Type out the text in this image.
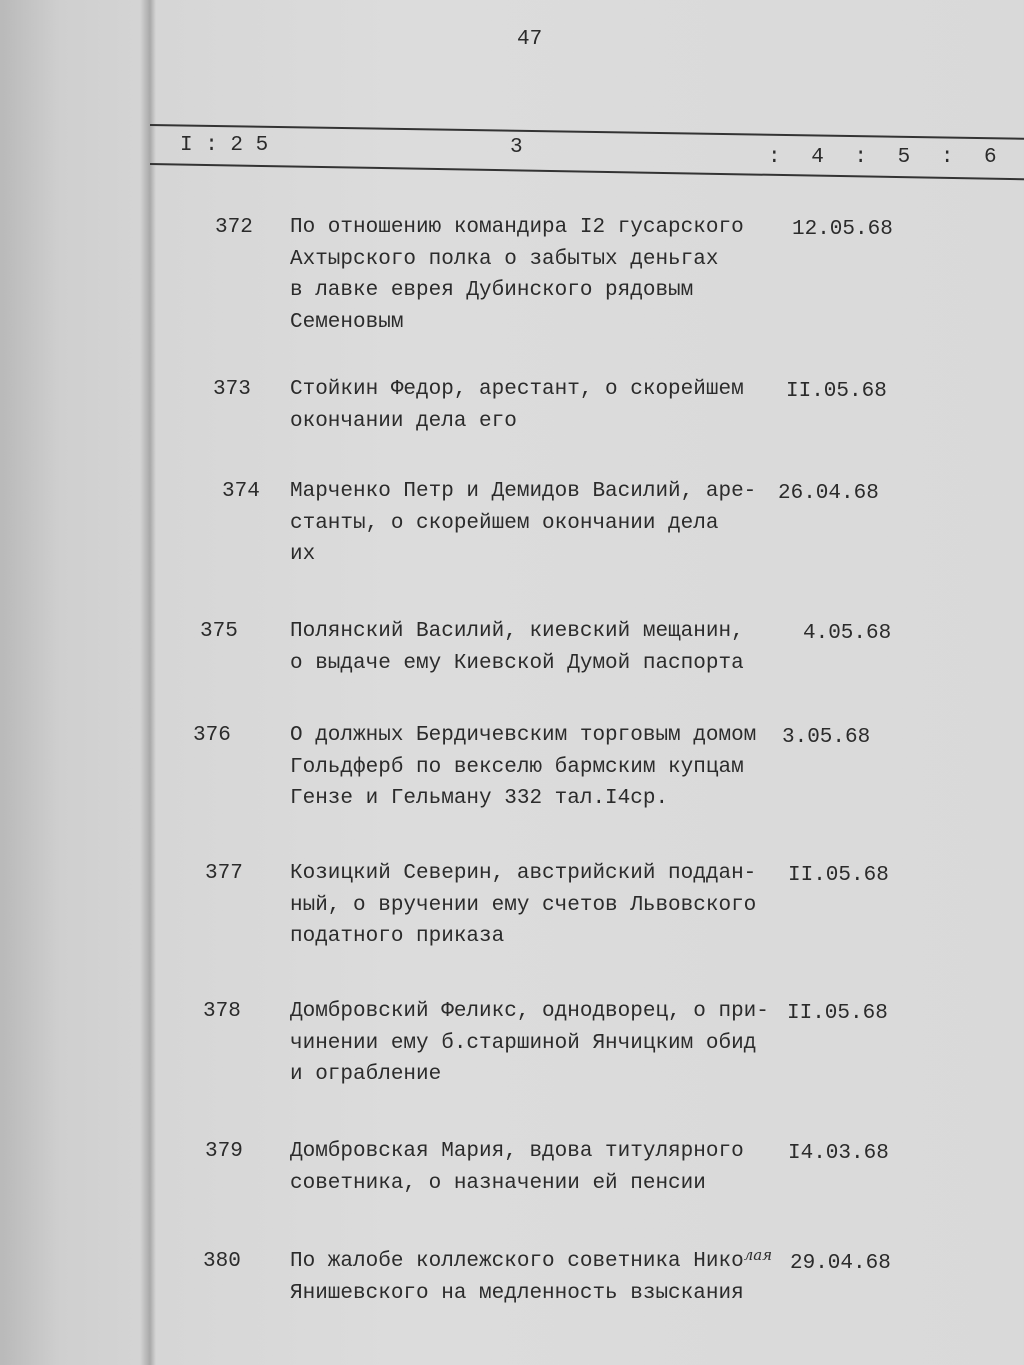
47
I : 2 5	3	: 4 : 5 : 6
372 По отношению командира I2 гусарского
Ахтырского полка о забытых деньгах
в лавке еврея Дубинского рядовым
Семеновым
12.05.68
373 Стойкин Федор, арестант, о скорейшем
окончании дела его
II.05.68
374 Марченко Петр и Демидов Василий, аре-
станты, о скорейшем окончании дела
их
26.04.68
375 Полянский Василий, киевский мещанин,
о выдаче ему Киевской Думой паспорта
4.05.68
376	О должных Бердичевским торговым домом
Гольдферб по векселю бармским купцам
Гензе и Гельману 332 тал.I4ср.
3.05.68
377 Козицкий Северин, австрийский поддан-
ный, о вручении ему счетов Львовского
податного приказа
II.05.68
378 Домбровский Феликс, однодворец, о при-
чинении ему б.старшиной Янчицким обид
и ограбление
II.05.68
379 Домбровская Мария, вдова титулярного
советника, о назначении ей пенсии
I4.03.68
380 По жалобе коллежского советника Нико$^{лая}$
Янишевского на медленность взыскания
29.04.68
